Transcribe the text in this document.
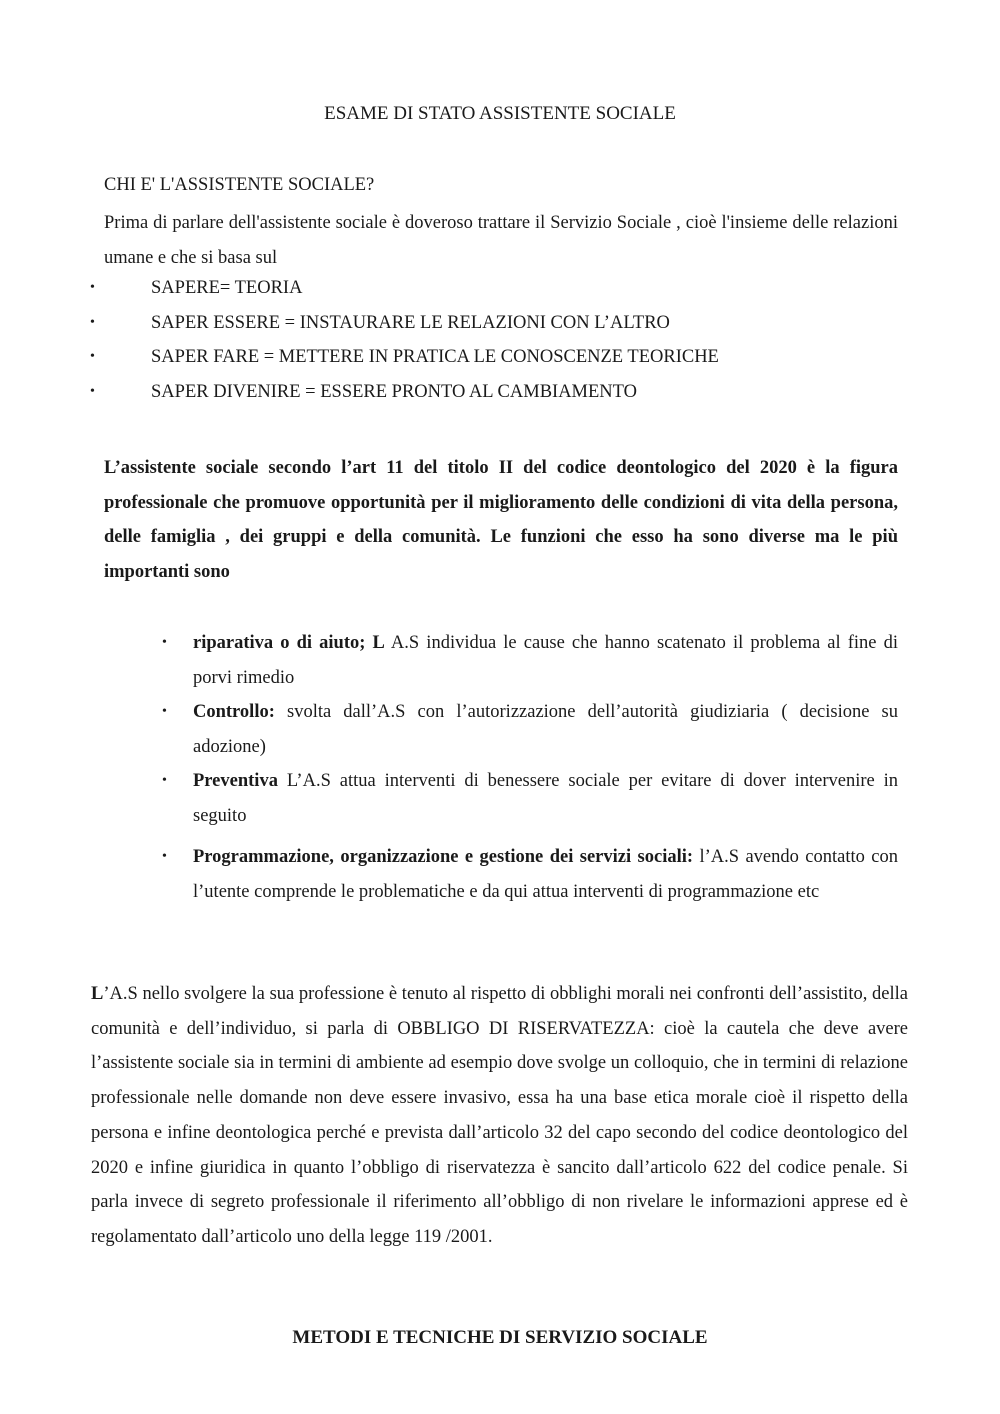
ESAME DI STATO ASSISTENTE SOCIALE
CHI E' L'ASSISTENTE SOCIALE?

Prima di parlare dell'assistente sociale è doveroso trattare il Servizio Sociale , cioè l'insieme delle relazioni umane e che si basa sul

•	SAPERE= TEORIA
•	SAPER ESSERE = INSTAURARE LE RELAZIONI CON L’ALTRO
•	SAPER FARE = METTERE IN PRATICA LE CONOSCENZE TEORICHE
•	SAPER DIVENIRE = ESSERE PRONTO AL CAMBIAMENTO

L’assistente sociale secondo l’art 11 del titolo II del codice deontologico del 2020 è la figura professionale che promuove opportunità per il miglioramento delle condizioni di vita della persona, delle famiglia , dei gruppi e della comunità. Le funzioni che esso ha sono diverse ma le più importanti sono

• riparativa o di aiuto; L A.S individua le cause che hanno scatenato il problema al fine di porvi rimedio
• Controllo: svolta dall’A.S con l’autorizzazione dell’autorità giudiziaria ( decisione su adozione)
• Preventiva L’A.S attua interventi di benessere sociale per evitare di dover intervenire in seguito
• Programmazione, organizzazione e gestione dei servizi sociali: l’A.S avendo contatto con l’utente comprende le problematiche e da qui attua interventi di programmazione etc

L’A.S nello svolgere la sua professione è tenuto al rispetto di obblighi morali nei confronti dell’assistito, della comunità e dell’individuo, si parla di OBBLIGO DI RISERVATEZZA: cioè la cautela che deve avere l’assistente sociale sia in termini di ambiente ad esempio dove svolge un colloquio, che in termini di relazione professionale nelle domande non deve essere invasivo, essa ha una base etica morale cioè il rispetto della persona e infine deontologica perché e prevista dall’articolo 32 del capo secondo del codice deontologico del 2020 e infine giuridica in quanto l’obbligo di riservatezza è sancito dall’articolo 622 del codice penale. Si parla invece di segreto professionale il riferimento all’obbligo di non rivelare le informazioni apprese ed è regolamentato dall’articolo uno della legge 119 /2001.

METODI E TECNICHE DI SERVIZIO SOCIALE
